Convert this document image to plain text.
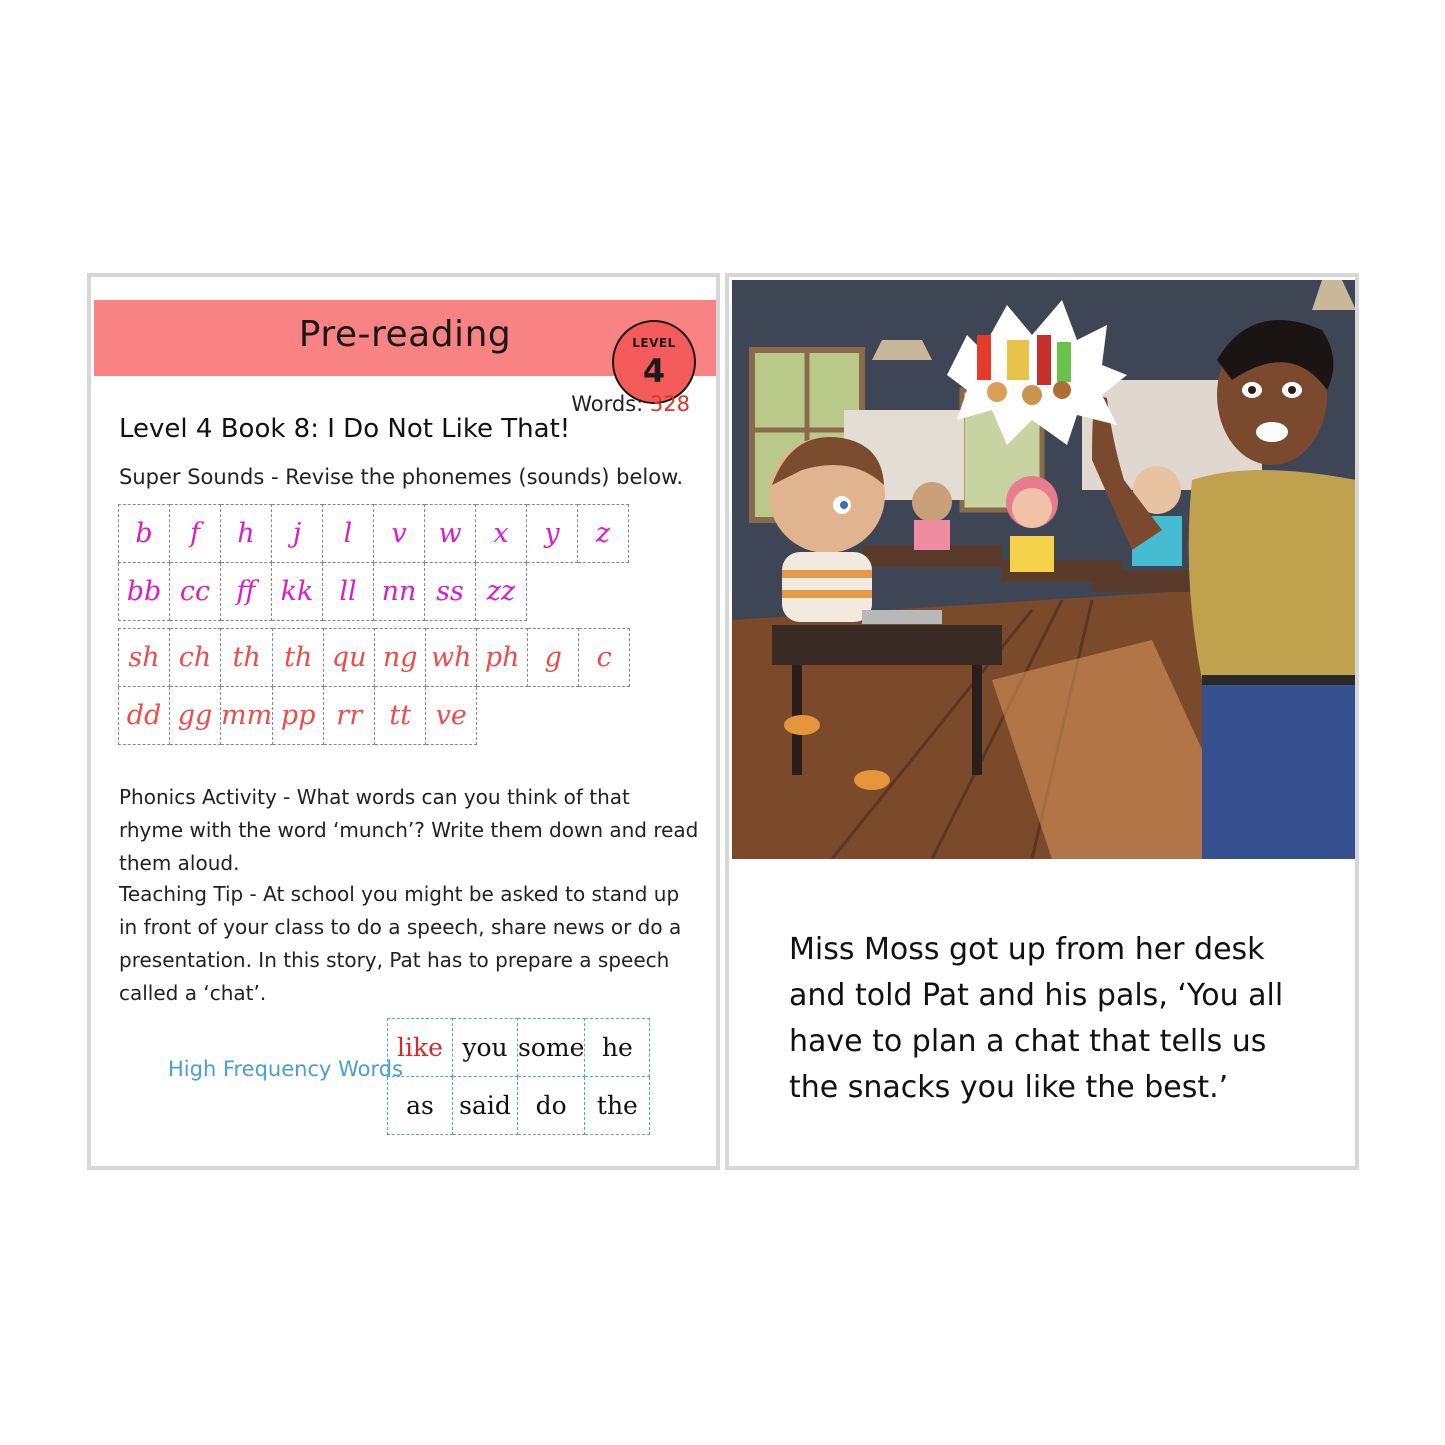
Pre-reading	LEVEL
4
Words: 328
Level 4 Book 8: I Do Not Like That!
Super Sounds - Revise the phonemes (sounds) below.
b	f	h	j	l	v	w	x	y	z
bb	cc	ff	kk	ll	nn	ss	zz		
sh	ch	th	th	qu	ng	wh	ph	g	c
dd	gg	mm	pp	rr	tt	ve			
Phonics Activity - What words can you think of that rhyme with the word ‘munch’? Write them down and read them aloud.
Teaching Tip - At school you might be asked to stand up in front of your class to do a speech, share news or do a presentation. In this story, Pat has to prepare a speech called a ‘chat’.
High Frequency Words
like	you	some	he
as	said	do	the
Miss Moss got up from her desk and told Pat and his pals, ‘You all have to plan a chat that tells us the snacks you like the best.’
